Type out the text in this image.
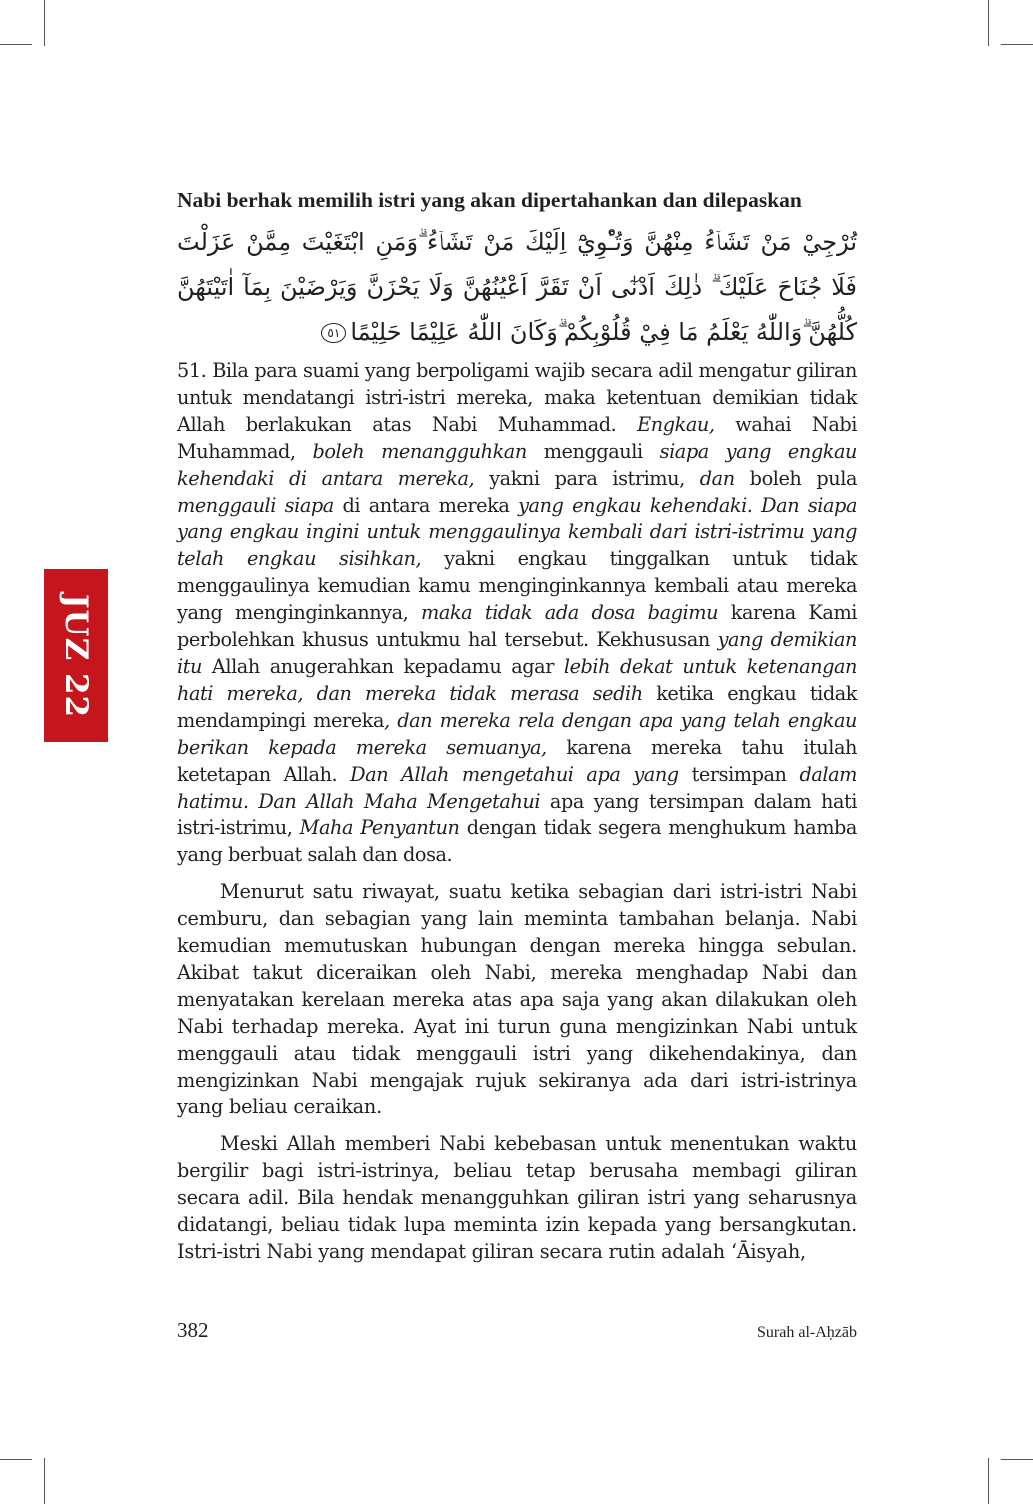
JUZ 22
Nabi berhak memilih istri yang akan dipertahankan dan dilepaskan

تُرْجِيْ مَنْ تَشَاۤءُ مِنْهُنَّ وَتُـْٔوِيْٓ اِلَيْكَ مَنْ تَشَاۤءُ ۗوَمَنِ ابْتَغَيْتَ مِمَّنْ عَزَلْتَ فَلَا جُنَاحَ عَلَيْكَ ۗ ذٰلِكَ اَدْنٰٓى اَنْ تَقَرَّ اَعْيُنُهُنَّ وَلَا يَحْزَنَّ وَيَرْضَيْنَ بِمَآ اٰتَيْتَهُنَّ كُلُّهُنَّ ۗوَاللّٰهُ يَعْلَمُ مَا فِيْ قُلُوْبِكُمْ ۗوَكَانَ اللّٰهُ عَلِيْمًا حَلِيْمًا٥١

51. Bila para suami yang berpoligami wajib secara adil mengatur giliran untuk mendatangi istri-istri mereka, maka ketentuan demikian tidak Allah berlakukan atas Nabi Muhammad. Engkau, wahai Nabi Muhammad, boleh menangguhkan menggauli siapa yang engkau kehendaki di antara mereka, yakni para istrimu, dan boleh pula menggauli siapa di antara mereka yang engkau kehendaki. Dan siapa yang engkau ingini untuk menggaulinya kembali dari istri-istrimu yang telah engkau sisihkan, yakni engkau tinggalkan untuk tidak menggaulinya kemudian kamu menginginkannya kembali atau mereka yang menginginkannya, maka tidak ada dosa bagimu karena Kami perbolehkan khusus untukmu hal tersebut. Kekhususan yang demikian itu Allah anugerahkan kepadamu agar lebih dekat untuk ketenangan hati mereka, dan mereka tidak merasa sedih ketika engkau tidak mendampingi mereka, dan mereka rela dengan apa yang telah engkau berikan kepada mereka semuanya, karena mereka tahu itulah ketetapan Allah. Dan Allah mengetahui apa yang tersimpan dalam hatimu. Dan Allah Maha Mengetahui apa yang tersimpan dalam hati istri-istrimu, Maha Penyantun dengan tidak segera menghukum hamba yang berbuat salah dan dosa.

Menurut satu riwayat, suatu ketika sebagian dari istri-istri Nabi cemburu, dan sebagian yang lain meminta tambahan belanja. Nabi kemudian memutuskan hubungan dengan mereka hingga sebulan. Akibat takut diceraikan oleh Nabi, mereka menghadap Nabi dan menyatakan kerelaan mereka atas apa saja yang akan dilakukan oleh Nabi terhadap mereka. Ayat ini turun guna mengizinkan Nabi untuk menggauli atau tidak menggauli istri yang dikehendakinya, dan mengizinkan Nabi mengajak rujuk sekiranya ada dari istri-istrinya yang beliau ceraikan.

Meski Allah memberi Nabi kebebasan untuk menentukan waktu bergilir bagi istri-istrinya, beliau tetap berusaha membagi giliran secara adil. Bila hendak menangguhkan giliran istri yang seharusnya didatangi, beliau tidak lupa meminta izin kepada yang bersangkutan. Istri-istri Nabi yang mendapat giliran secara rutin adalah ‘Āisyah,

382	Surah al-Aḥzāb
